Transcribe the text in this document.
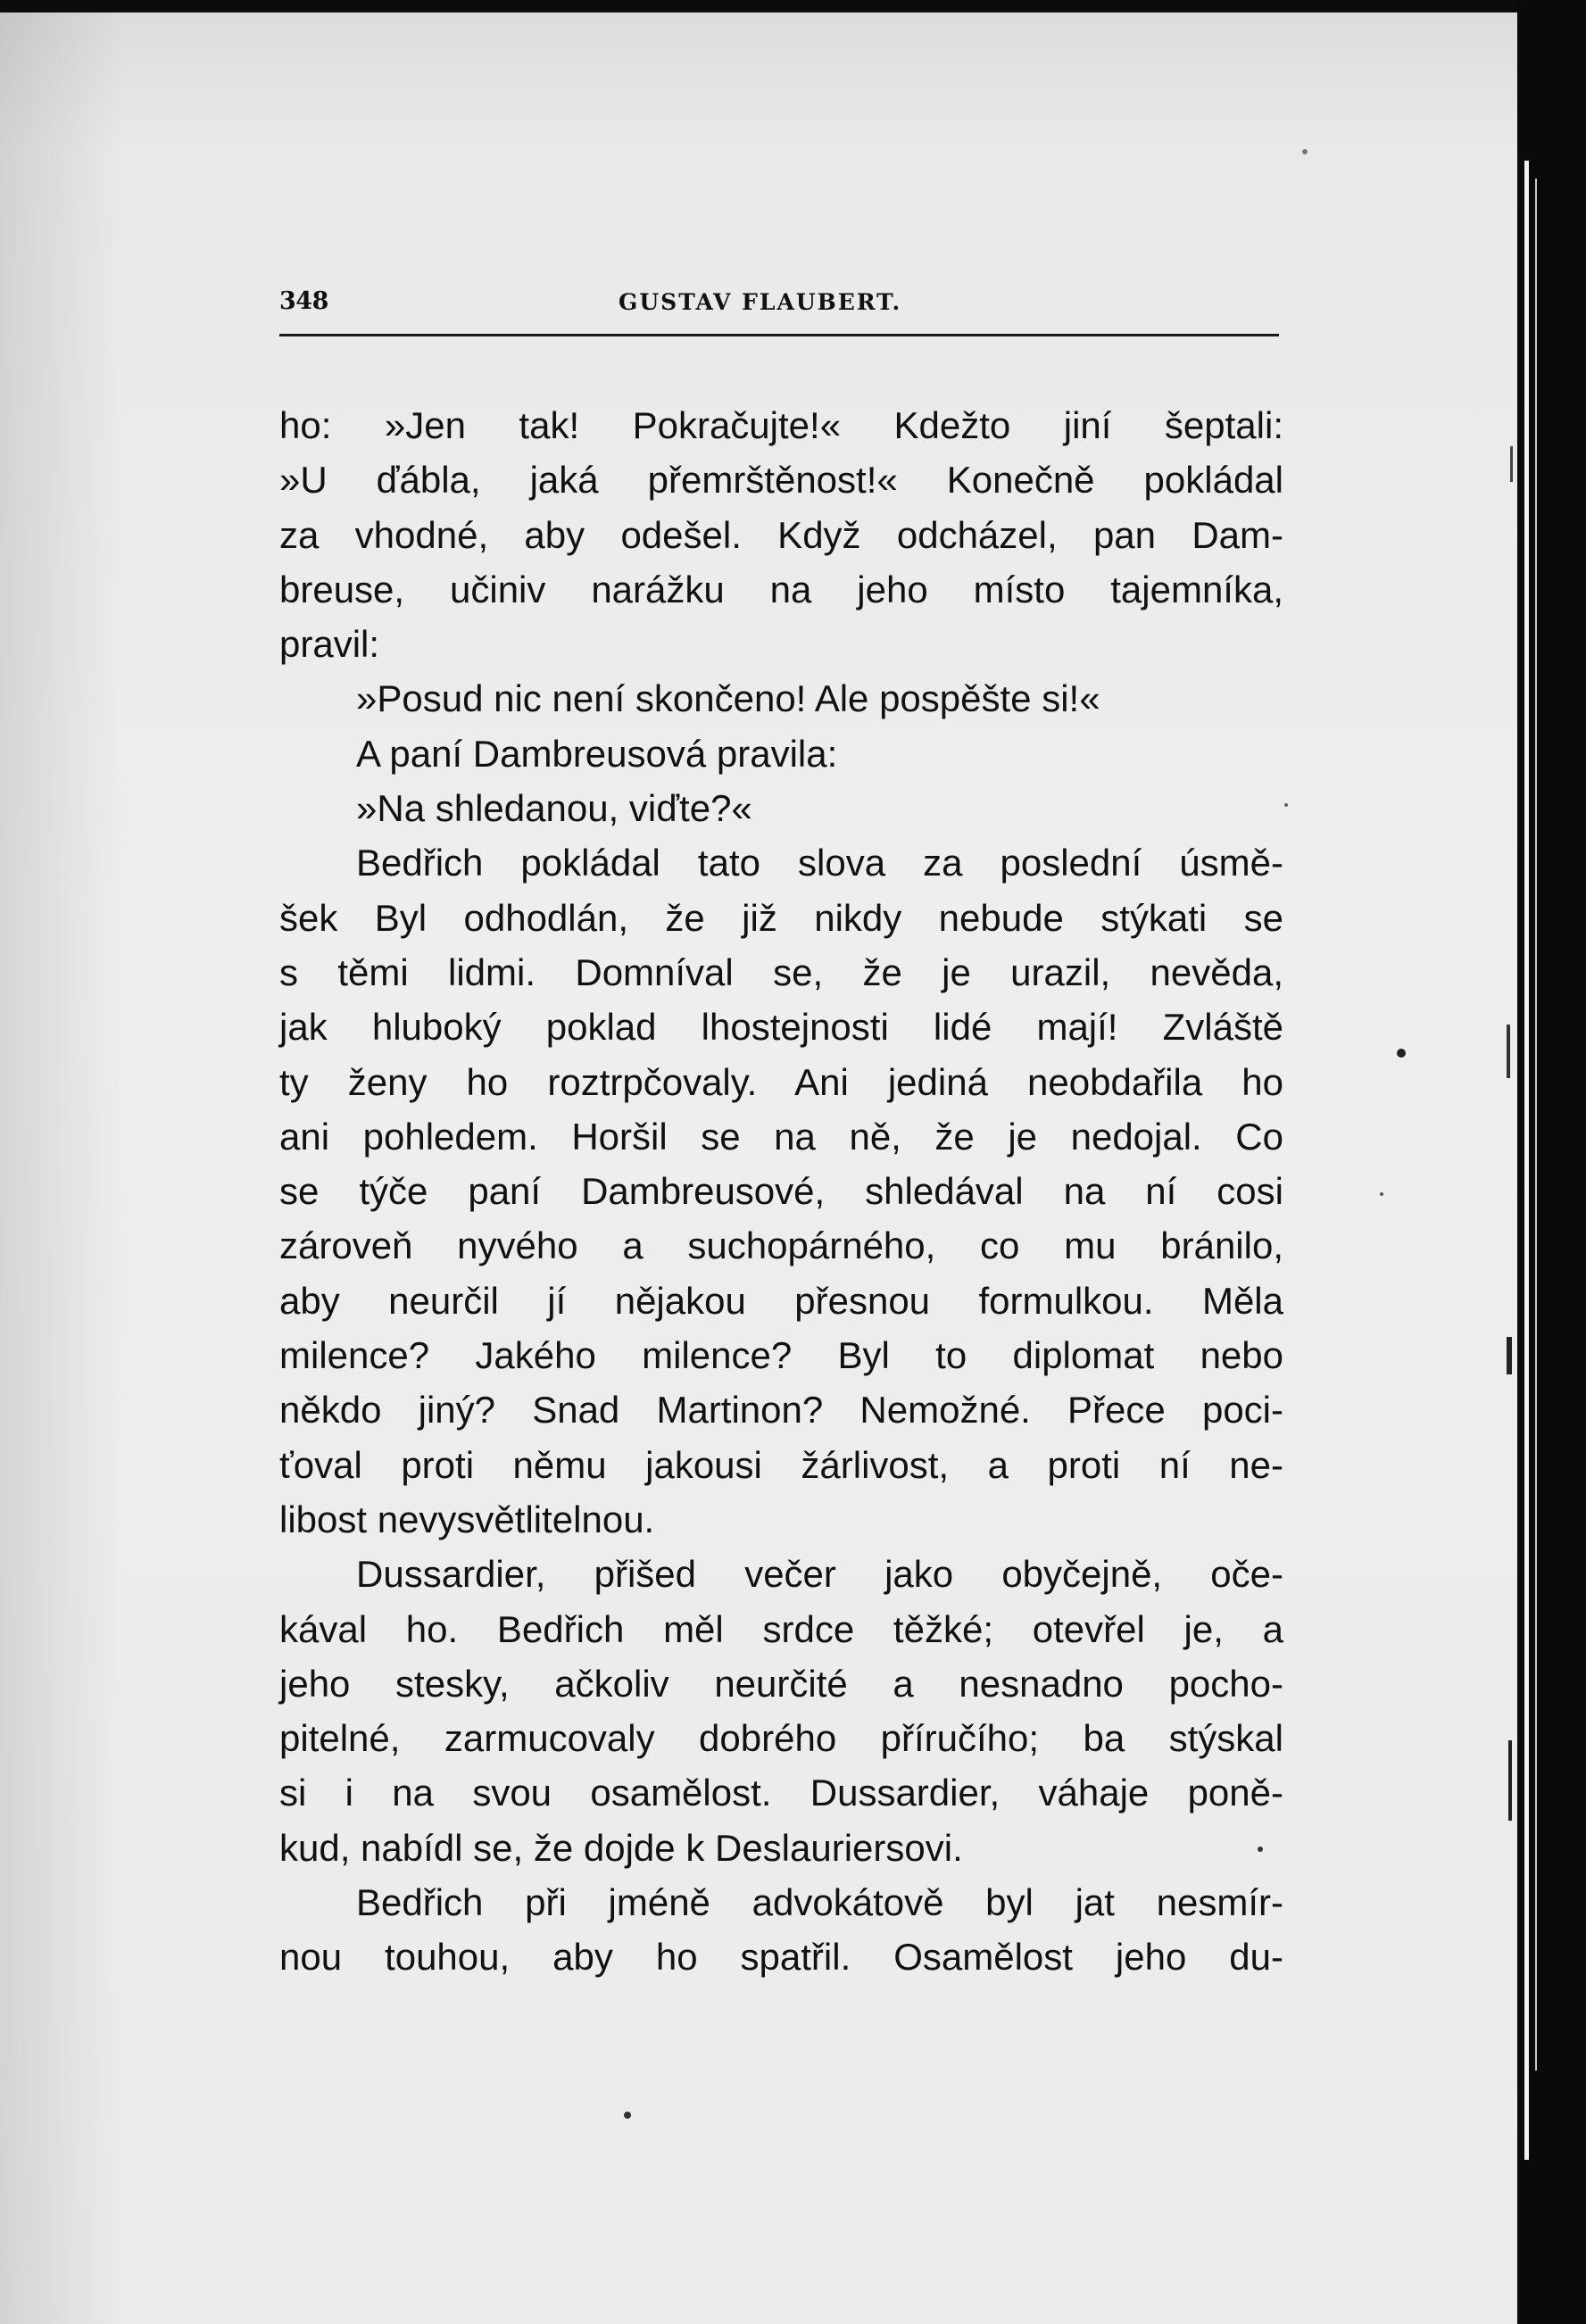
348	GUSTAV FLAUBERT.
ho: »Jen tak! Pokračujte!« Kdežto jiní šeptali:
»U ďábla, jaká přemrštěnost!« Konečně pokládal
za vhodné, aby odešel. Když odcházel, pan Dam-
breuse, učiniv narážku na jeho místo tajemníka,
pravil:
»Posud nic není skončeno! Ale pospěšte si!«
A paní Dambreusová pravila:
»Na shledanou, viďte?«
Bedřich pokládal tato slova za poslední úsmě-
šek Byl odhodlán, že již nikdy nebude stýkati se
s těmi lidmi. Domníval se, že je urazil, nevěda,
jak hluboký poklad lhostejnosti lidé mají! Zvláště
ty ženy ho roztrpčovaly. Ani jediná neobdařila ho
ani pohledem. Horšil se na ně, že je nedojal. Co
se týče paní Dambreusové, shledával na ní cosi
zároveň nyvého a suchopárného, co mu bránilo,
aby neurčil jí nějakou přesnou formulkou. Měla
milence? Jakého milence? Byl to diplomat nebo
někdo jiný? Snad Martinon? Nemožné. Přece poci-
ťoval proti němu jakousi žárlivost, a proti ní ne-
libost nevysvětlitelnou.
Dussardier, přišed večer jako obyčejně, oče-
kával ho. Bedřich měl srdce těžké; otevřel je, a
jeho stesky, ačkoliv neurčité a nesnadno pocho-
pitelné, zarmucovaly dobrého příručího; ba stýskal
si i na svou osamělost. Dussardier, váhaje poně-
kud, nabídl se, že dojde k Deslauriersovi.
Bedřich při jméně advokátově byl jat nesmír-
nou touhou, aby ho spatřil. Osamělost jeho du-
